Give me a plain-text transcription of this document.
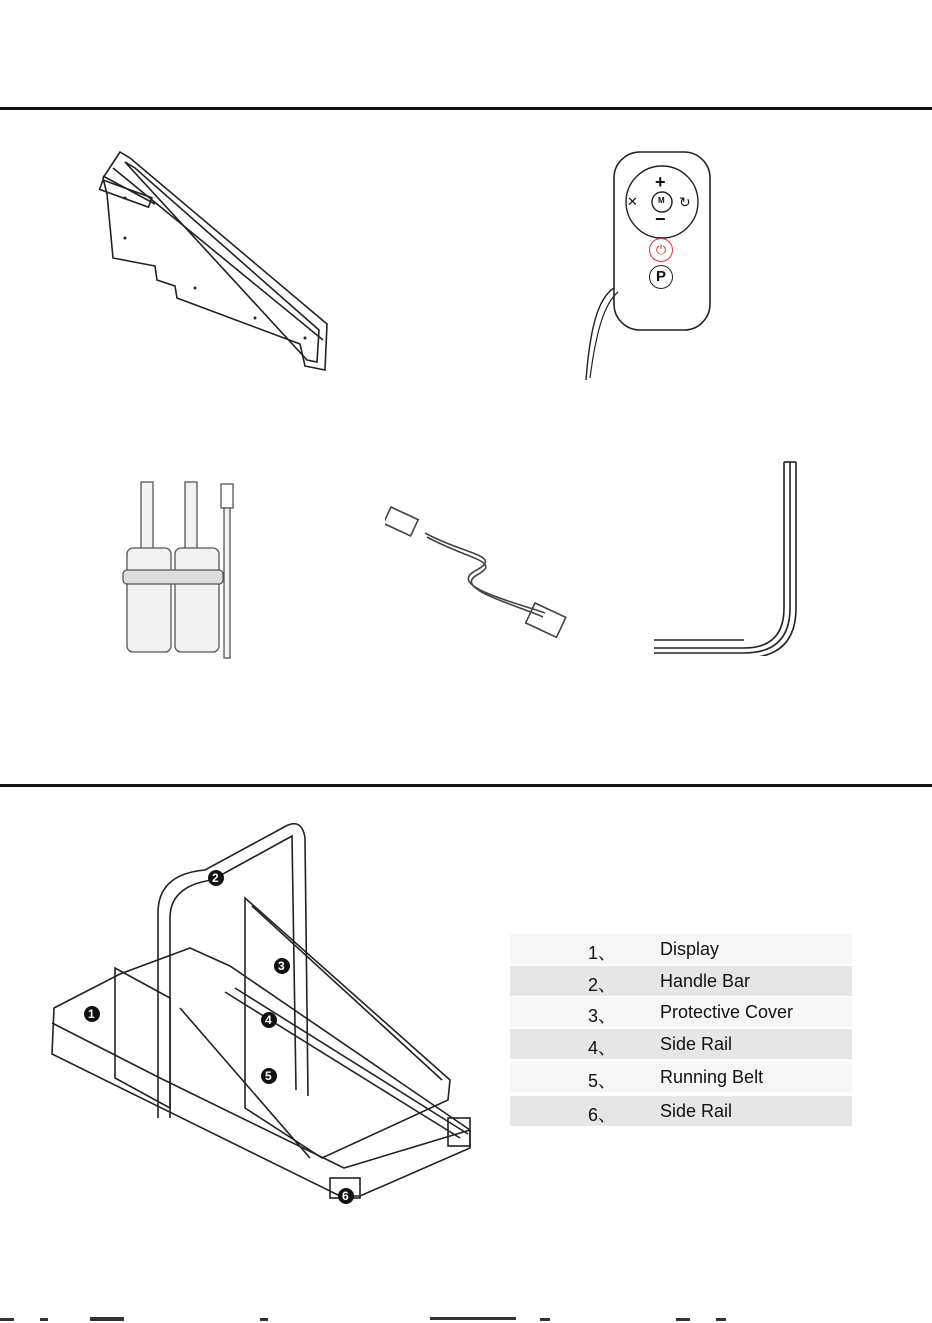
+
−
M
✕	↻
⏻
P
1
2
3
4
5
6
1、	Display
2、	Handle Bar
3、	Protective Cover
4、	Side Rail
5、	Running Belt
6、	Side Rail
